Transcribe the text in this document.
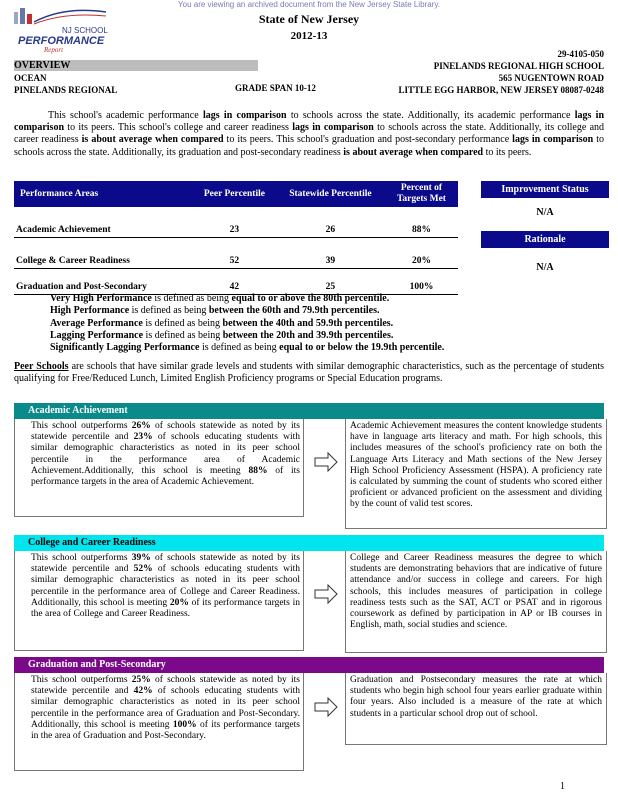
You are viewing an archived document from the New Jersey State Library.
NJ SCHOOL
PERFORMANCE
Report
State of New Jersey
2012-13
OVERVIEW
OCEAN
PINELANDS REGIONAL	GRADE SPAN 10-12
29-4105-050
PINELANDS REGIONAL HIGH SCHOOL
565 NUGENTOWN ROAD
LITTLE EGG HARBOR, NEW JERSEY 08087-0248
This school's academic performance lags in comparison to schools across the state. Additionally, its academic performance lags in comparison to its peers. This school's college and career readiness lags in comparison to schools across the state. Additionally, its college and career readiness is about average when compared to its peers. This school's graduation and post-secondary performance lags in comparison to schools across the state. Additionally, its graduation and post-secondary readiness is about average when compared to its peers.
Performance Areas	Peer Percentile	Statewide Percentile	Percent of Targets Met
Academic Achievement	23	26	88%
College & Career Readiness	52	39	20%
Graduation and Post-Secondary	42	25	100%
Improvement Status
N/A
Rationale
N/A
Very High Performance is defined as being equal to or above the 80th percentile.
High Performance is defined as being between the 60th and 79.9th percentiles.
Average Performance is defined as being between the 40th and 59.9th percentiles.
Lagging Performance is defined as being between the 20th and 39.9th percentiles.
Significantly Lagging Performance is defined as being equal to or below the 19.9th percentile.
Peer Schools are schools that have similar grade levels and students with similar demographic characteristics, such as the percentage of students qualifying for Free/Reduced Lunch, Limited English Proficiency programs or Special Education programs.
Academic Achievement
This school outperforms 26% of schools statewide as noted by its statewide percentile and 23% of schools educating students with similar demographic characteristics as noted in its peer school percentile in the performance area of Academic Achievement.Additionally, this school is meeting 88% of its performance targets in the area of Academic Achievement.
Academic Achievement measures the content knowledge students have in language arts literacy and math. For high schools, this includes measures of the school's proficiency rate on both the Language Arts Literacy and Math sections of the New Jersey High School Proficiency Assessment (HSPA). A proficiency rate is calculated by summing the count of students who scored either proficient or advanced proficient on the assessment and dividing by the count of valid test scores.
College and Career Readiness
This school outperforms 39% of schools statewide as noted by its statewide percentile and 52% of schools educating students with similar demographic characteristics as noted in its peer school percentile in the performance area of College and Career Readiness. Additionally, this school is meeting 20% of its performance targets in the area of College and Career Readiness.
College and Career Readiness measures the degree to which students are demonstrating behaviors that are indicative of future attendance and/or success in college and careers. For high schools, this includes measures of participation in college readiness tests such as the SAT, ACT or PSAT and in rigorous coursework as defined by participation in AP or IB courses in English, math, social studies and science.
Graduation and Post-Secondary
This school outperforms 25% of schools statewide as noted by its statewide percentile and 42% of schools educating students with similar demographic characteristics as noted in its peer school percentile in the performance area of Graduation and Post-Secondary. Additionally, this school is meeting 100% of its performance targets in the area of Graduation and Post-Secondary.
Graduation and Postsecondary measures the rate at which students who begin high school four years earlier graduate within four years. Also included is a measure of the rate at which students in a particular school drop out of school.
1
